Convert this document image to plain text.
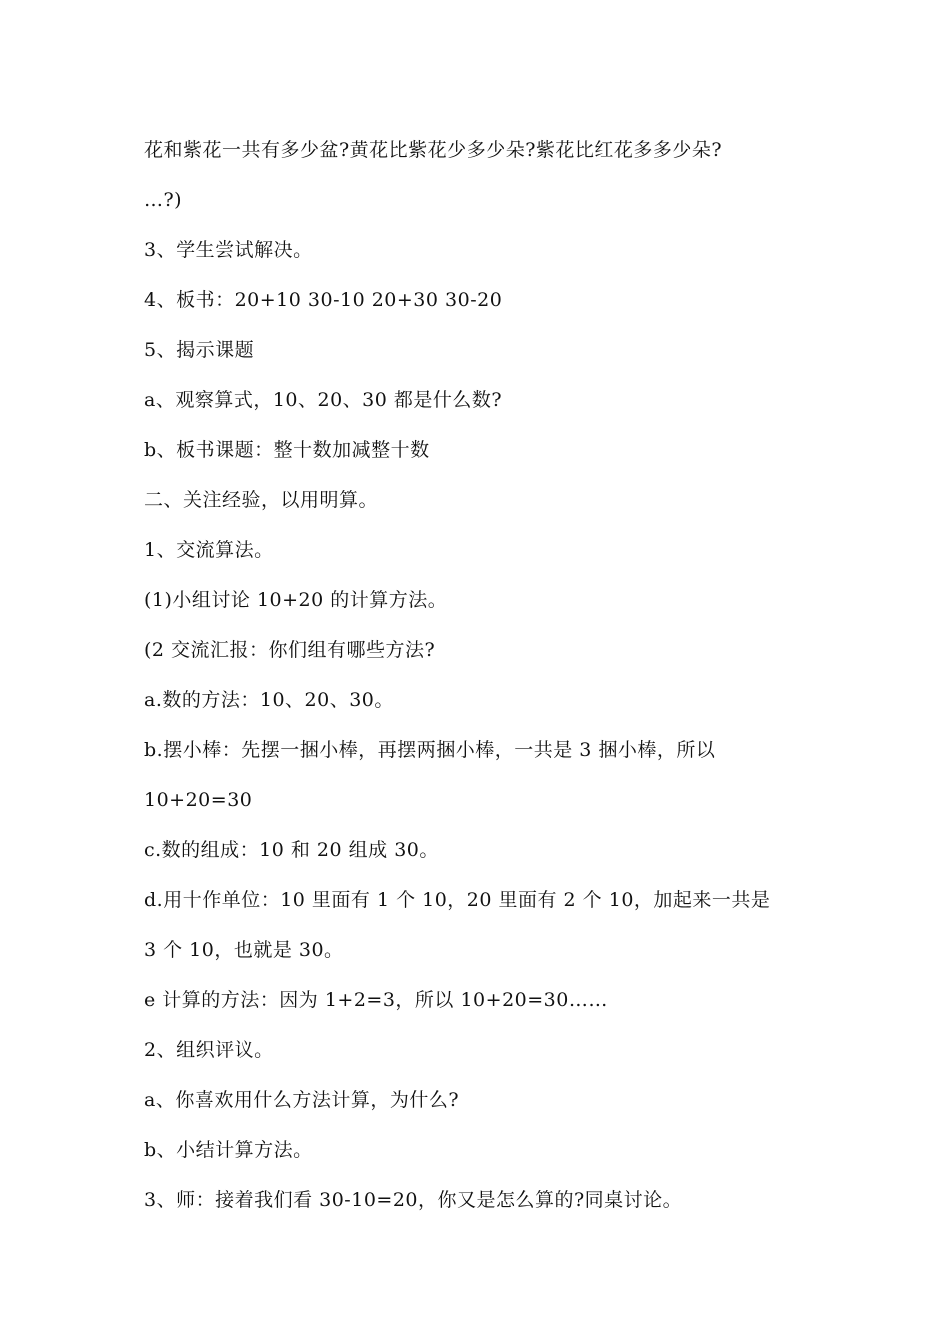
花和紫花一共有多少盆?黄花比紫花少多少朵?紫花比红花多多少朵?
…?)
3、学生尝试解决。
4、板书：20+10 30-10 20+30 30-20
5、揭示课题
a、观察算式，10、20、30 都是什么数?
b、板书课题：整十数加减整十数
二、关注经验，以用明算。
1、交流算法。
(1)小组讨论 10+20 的计算方法。
(2 交流汇报：你们组有哪些方法?
a.数的方法：10、20、30。
b.摆小棒：先摆一捆小棒，再摆两捆小棒，一共是 3 捆小棒，所以
10+20=30
c.数的组成：10 和 20 组成 30。
d.用十作单位：10 里面有 1 个 10，20 里面有 2 个 10，加起来一共是
3 个 10，也就是 30。
e 计算的方法：因为 1+2=3，所以 10+20=30……
2、组织评议。
a、你喜欢用什么方法计算，为什么?
b、小结计算方法。
3、师：接着我们看 30-10=20，你又是怎么算的?同桌讨论。
